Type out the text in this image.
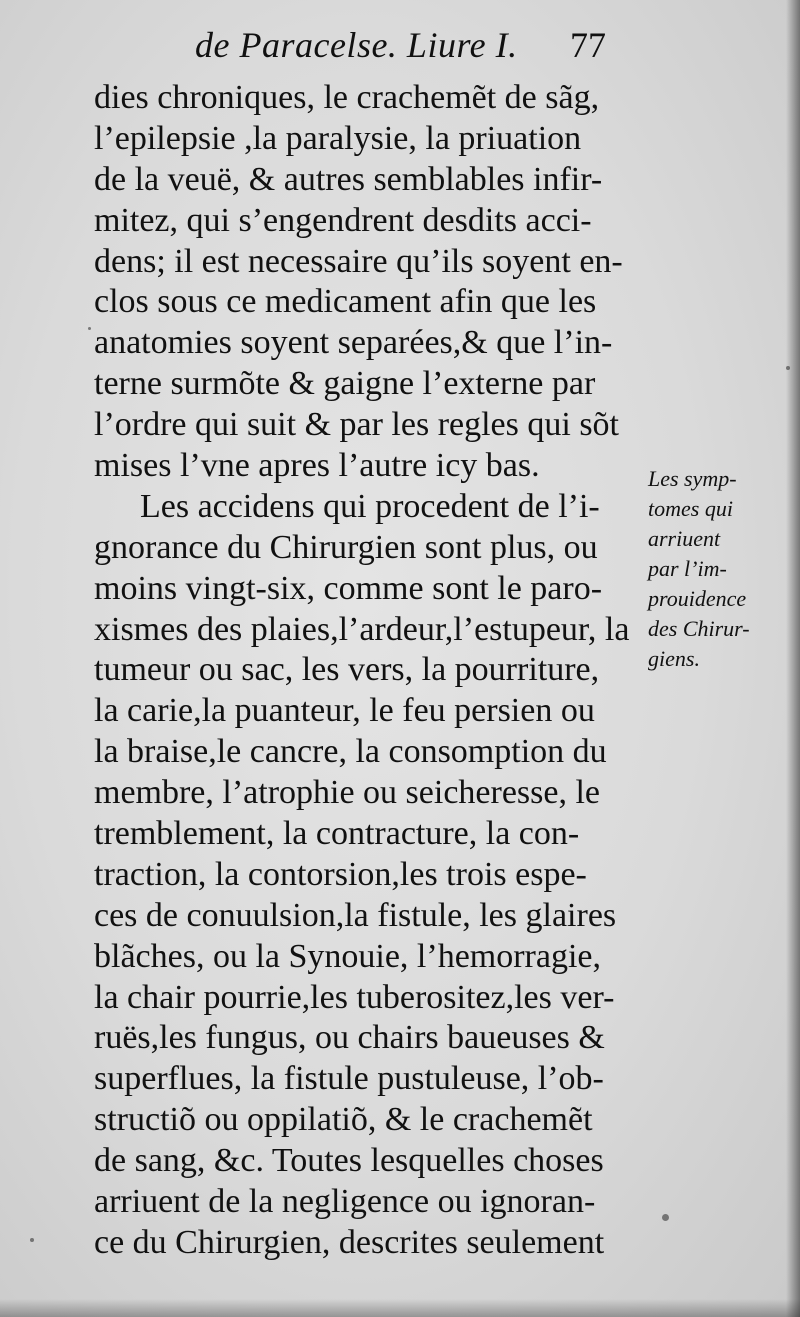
de Paracelse. Liure I. 77
dies chroniques, le crachemẽt de sãg,
l’epilepsie ,la paralysie, la priuation
de la veuë, & autres semblables infir-
mitez, qui s’engendrent desdits acci-
dens; il est necessaire qu’ils soyent en-
clos sous ce medicament afin que les
anatomies soyent separées,& que l’in-
terne surmõte & gaigne l’externe par
l’ordre qui suit & par les regles qui sõt
mises l’vne apres l’autre icy bas.
Les accidens qui procedent de l’i-
gnorance du Chirurgien sont plus, ou
moins vingt-six, comme sont le paro-
xismes des plaies,l’ardeur,l’estupeur, la
tumeur ou sac, les vers, la pourriture,
la carie,la puanteur, le feu persien ou
la braise,le cancre, la consomption du
membre, l’atrophie ou seicheresse, le
tremblement, la contracture, la con-
traction, la contorsion,les trois espe-
ces de conuulsion,la fistule, les glaires
blãches, ou la Synouie, l’hemorragie,
la chair pourrie,les tuberositez,les ver-
ruës,les fungus, ou chairs baueuses &
superflues, la fistule pustuleuse, l’ob-
structiõ ou oppilatiõ, & le crachemẽt
de sang, &c. Toutes lesquelles choses
arriuent de la negligence ou ignoran-
ce du Chirurgien, descrites seulement
Les symp-
tomes qui
arriuent
par l’im-
prouidence
des Chirur-
giens.
